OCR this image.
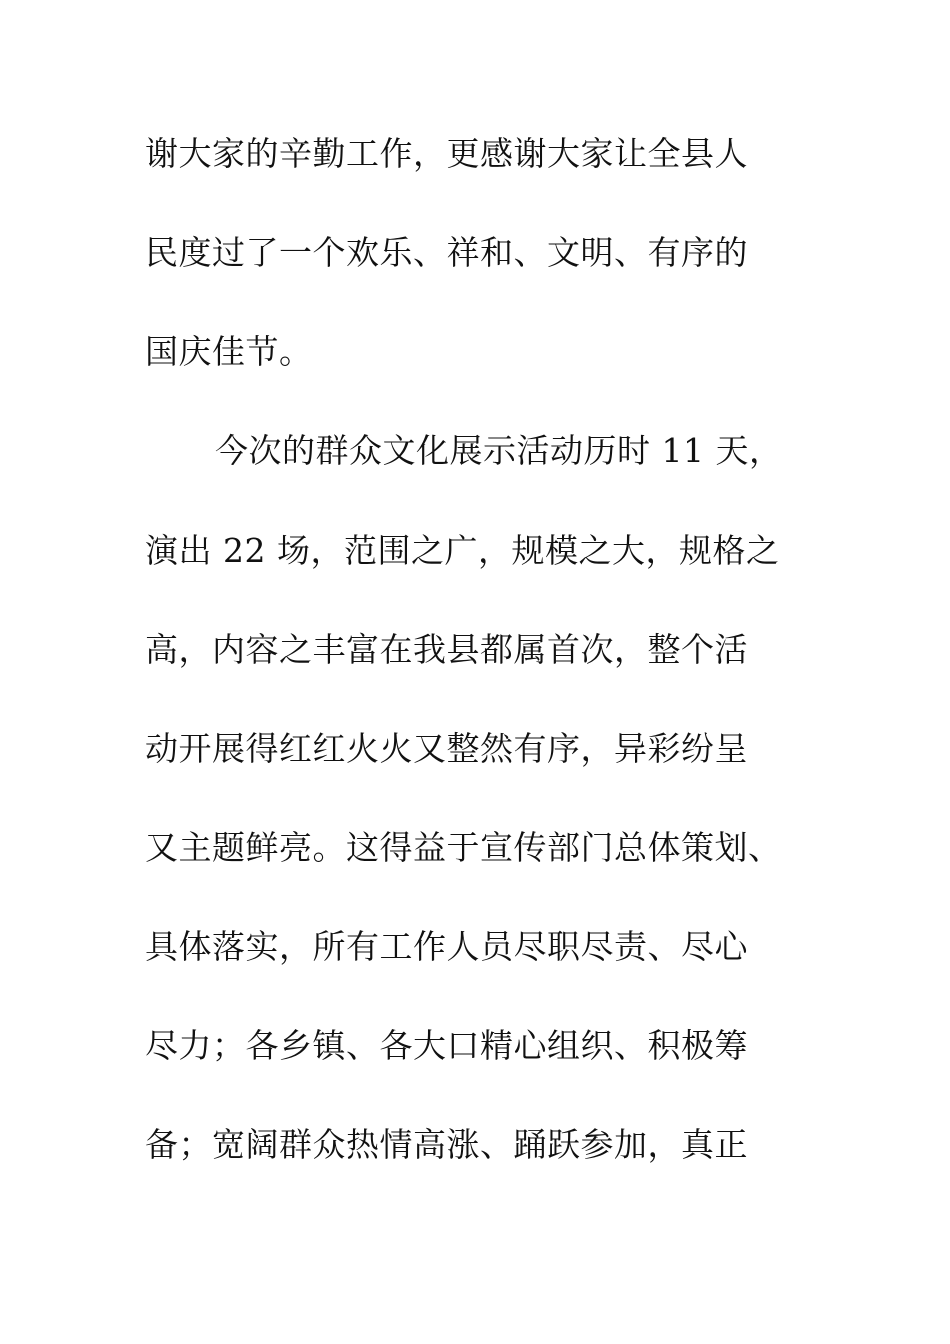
谢大家的辛勤工作，更感谢大家让全县人
民度过了一个欢乐、祥和、文明、有序的
国庆佳节。
今次的群众文化展示活动历时 11 天，
演出 22 场，范围之广，规模之大，规格之
高，内容之丰富在我县都属首次，整个活
动开展得红红火火又整然有序，异彩纷呈
又主题鲜亮。这得益于宣传部门总体策划、
具体落实，所有工作人员尽职尽责、尽心
尽力；各乡镇、各大口精心组织、积极筹
备；宽阔群众热情高涨、踊跃参加，真正
